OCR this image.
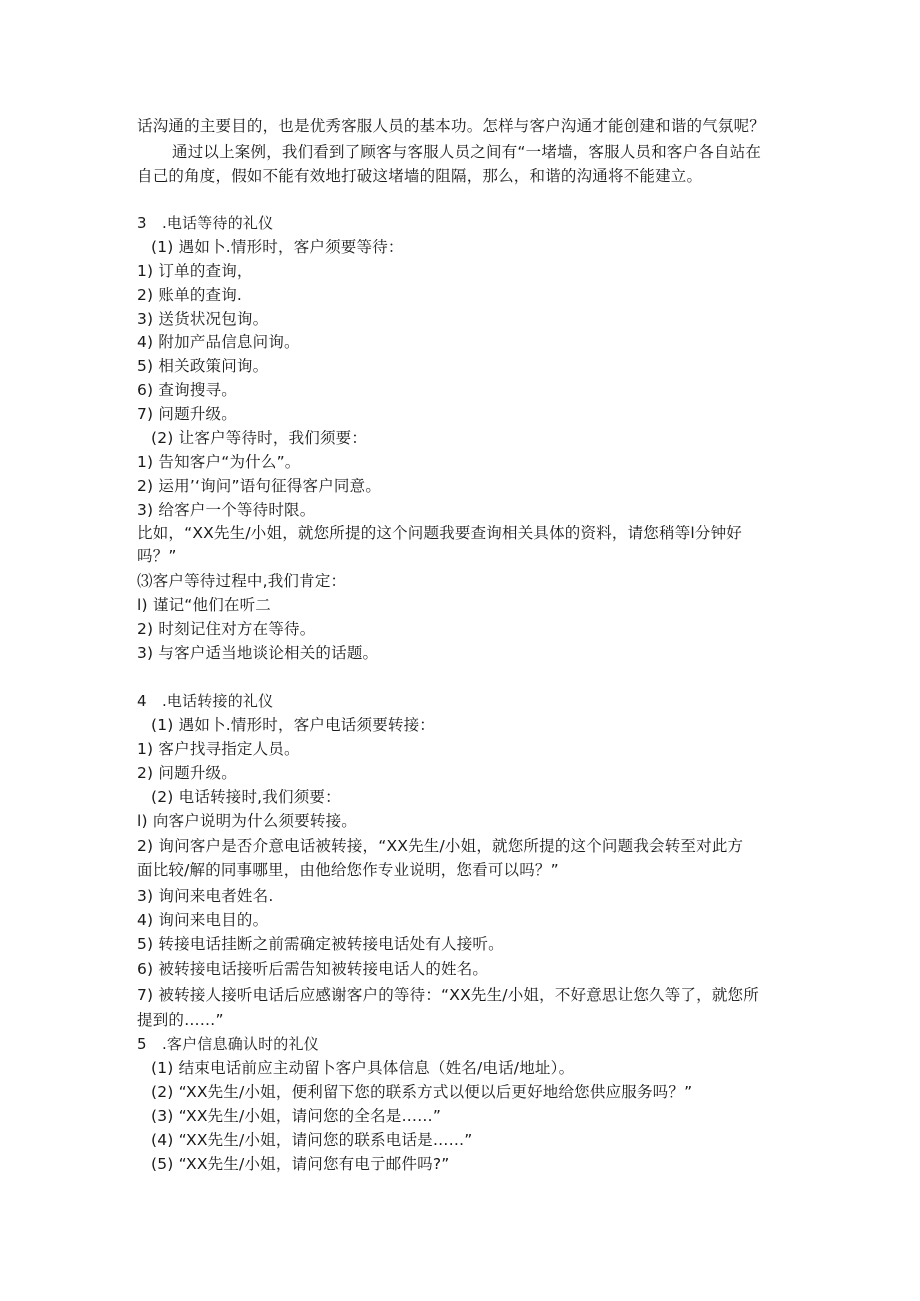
话沟通的主要目的，也是优秀客服人员的基本功。怎样与客户沟通才能创建和谐的气氛呢？
通过以上案例，我们看到了顾客与客服人员之间有“一堵墙，客服人员和客户各自站在
自己的角度，假如不能有效地打破这堵墙的阻隔，那么，和谐的沟通将不能建立。
3　.电话等待的礼仪
(1) 遇如卜.情形时，客户须要等待：
1) 订单的查询，
2) 账单的查询.
3) 送货状况包询。
4) 附加产品信息问询。
5) 相关政策问询。
6) 查询搜寻。
7) 问题升级。
(2) 让客户等待时，我们须要：
1) 告知客户“为什么”。
2) 运用’‘询问”语句征得客户同意。
3) 给客户一个等待时限。
比如，“XX先生/小姐，就您所提的这个问题我要查询相关具体的资料，请您稍等l分钟好
吗？”
⑶客户等待过程中,我们肯定：
l) 谨记“他们在听二
2) 时刻记住对方在等待。
3) 与客户适当地谈论相关的话题。
4　.电话转接的礼仪
(1) 遇如卜.情形时，客户电话须要转接：
1) 客户找寻指定人员。
2) 问题升级。
(2) 电话转接时,我们须要：
l) 向客户说明为什么须要转接。
2) 询问客户是否介意电话被转接，“XX先生/小姐，就您所提的这个问题我会转至对此方
面比较/解的同事哪里，由他给您作专业说明，您看可以吗？”
3) 询问来电者姓名.
4) 询问来电目的。
5) 转接电话挂断之前需确定被转接电话处有人接听。
6) 被转接电话接听后需告知被转接电话人的姓名。
7) 被转接人接听电话后应感谢客户的等待：“XX先生/小姐，不好意思让您久等了，就您所
提到的……”
5　.客户信息确认时的礼仪
(1) 结束电话前应主动留卜客户具体信息（姓名/电话/地址）。
(2) “XX先生/小姐，便利留下您的联系方式以便以后更好地给您供应服务吗？”
(3) “XX先生/小姐，请问您的全名是……”
(4) “XX先生/小姐，请问您的联系电话是……”
(5) “XX先生/小姐，请问您有电亍邮件吗?”
